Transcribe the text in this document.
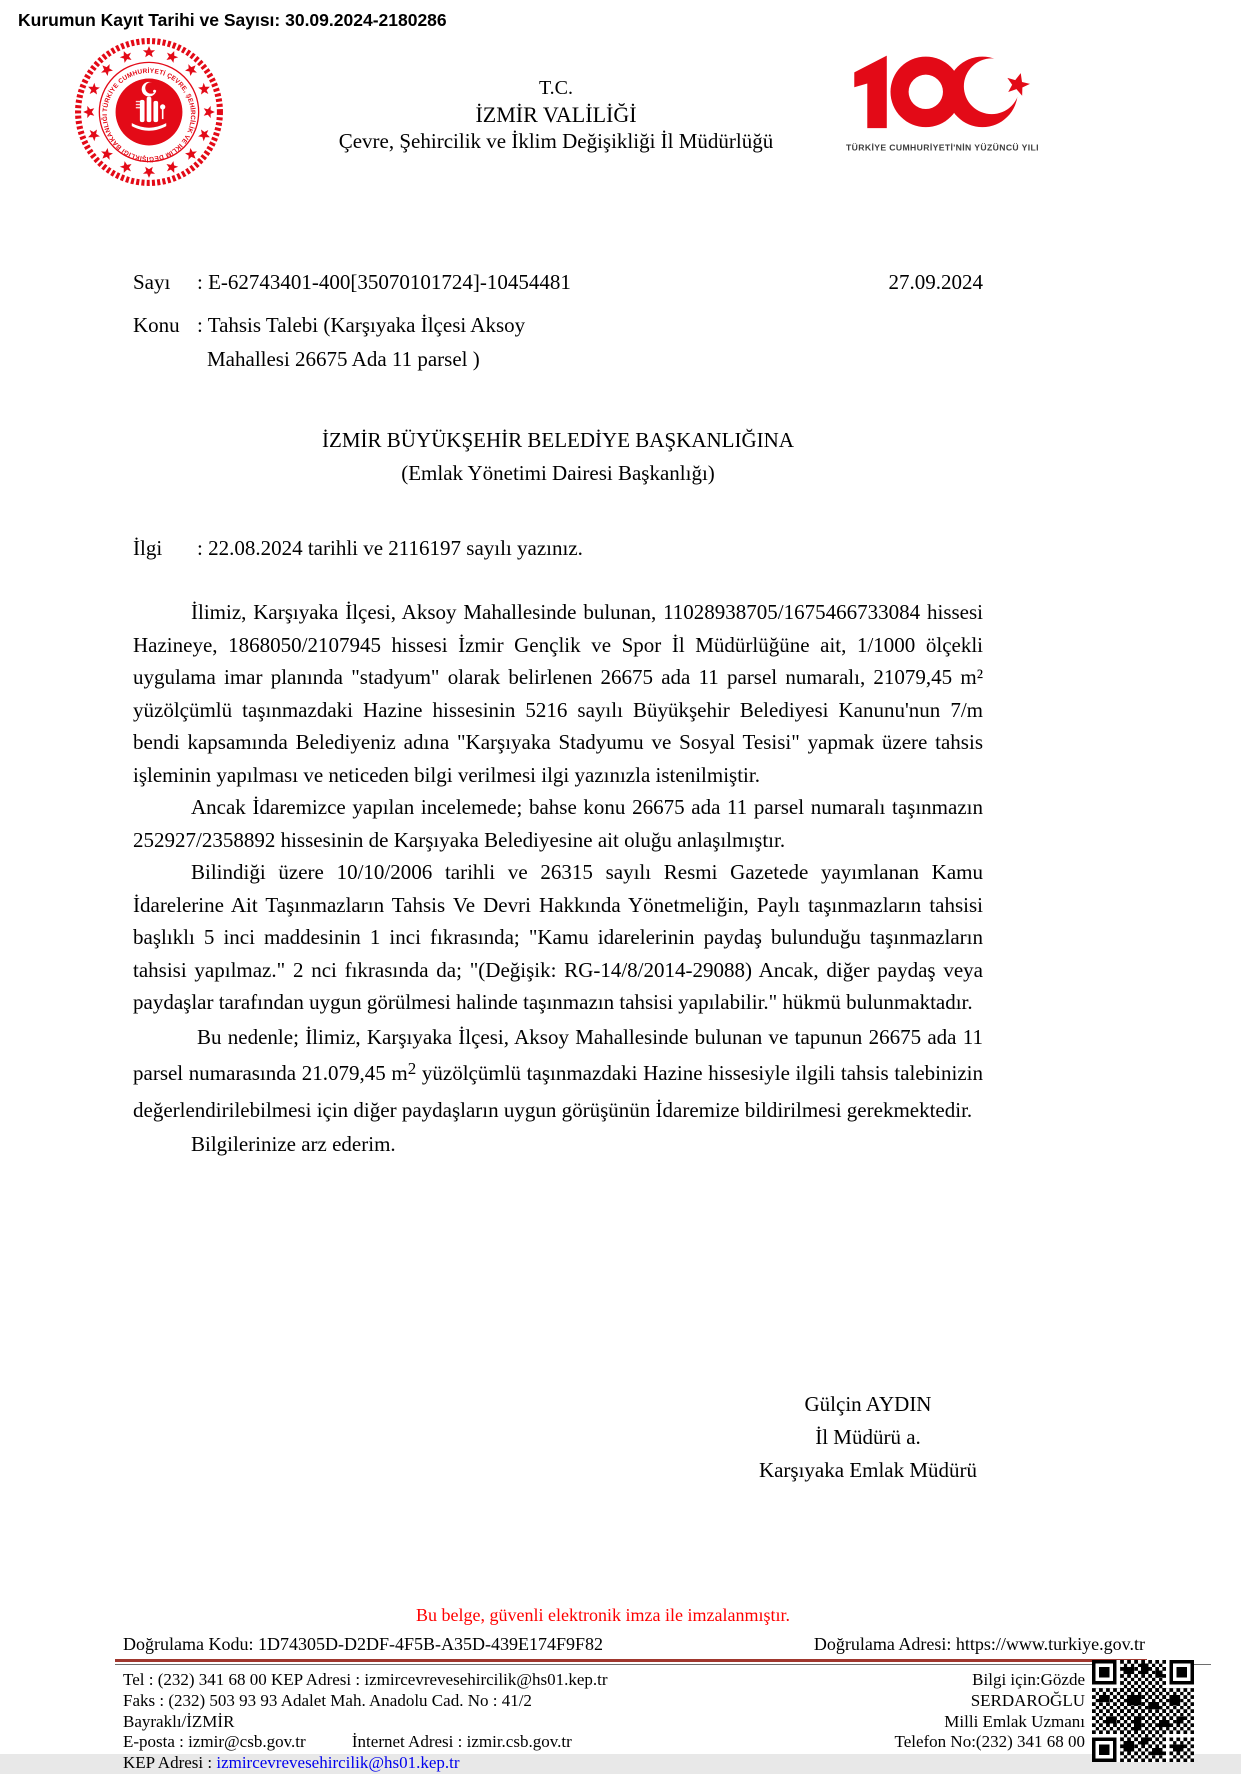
Kurumun Kayıt Tarihi ve Sayısı: 30.09.2024-2180286
TÜRKİYE CUMHURİYETİ ÇEVRE, ŞEHİRCİLİK VE İKLİM DEĞİŞİKLİĞİ BAKANLIĞI
T.C.
İZMİR VALİLİĞİ
Çevre, Şehircilik ve İklim Değişikliği İl Müdürlüğü	TÜRKİYE CUMHURİYETİ'NİN YÜZÜNCÜ YILI
Sayı	: E-62743401-400[35070101724]-10454481	27.09.2024
Konu : Tahsis Talebi (Karşıyaka İlçesi Aksoy
Mahallesi 26675 Ada 11 parsel )
İZMİR BÜYÜKŞEHİR BELEDİYE BAŞKANLIĞINA
(Emlak Yönetimi Dairesi Başkanlığı)
İlgi	: 22.08.2024 tarihli ve 2116197 sayılı yazınız.

İlimiz, Karşıyaka İlçesi, Aksoy Mahallesinde bulunan, 11028938705/1675466733084 hissesi Hazineye, 1868050/2107945 hissesi İzmir Gençlik ve Spor İl Müdürlüğüne ait, 1/1000 ölçekli uygulama imar planında "stadyum" olarak belirlenen 26675 ada 11 parsel numaralı, 21079,45 m² yüzölçümlü taşınmazdaki Hazine hissesinin 5216 sayılı Büyükşehir Belediyesi Kanunu'nun 7/m bendi kapsamında Belediyeniz adına "Karşıyaka Stadyumu ve Sosyal Tesisi" yapmak üzere tahsis işleminin yapılması ve neticeden bilgi verilmesi ilgi yazınızla istenilmiştir.

Ancak İdaremizce yapılan incelemede; bahse konu 26675 ada 11 parsel numaralı taşınmazın 252927/2358892 hissesinin de Karşıyaka Belediyesine ait oluğu anlaşılmıştır.

Bilindiği üzere 10/10/2006 tarihli ve 26315 sayılı Resmi Gazetede yayımlanan Kamu İdarelerine Ait Taşınmazların Tahsis Ve Devri Hakkında Yönetmeliğin, Paylı taşınmazların tahsisi başlıklı 5 inci maddesinin 1 inci fıkrasında; "Kamu idarelerinin paydaş bulunduğu taşınmazların tahsisi yapılmaz." 2 nci fıkrasında da; "(Değişik: RG-14/8/2014-29088) Ancak, diğer paydaş veya paydaşlar tarafından uygun görülmesi halinde taşınmazın tahsisi yapılabilir." hükmü bulunmaktadır.

Bu nedenle; İlimiz, Karşıyaka İlçesi, Aksoy Mahallesinde bulunan ve tapunun 26675 ada 11 parsel numarasında 21.079,45 $m^2$ yüzölçümlü taşınmazdaki Hazine hissesiyle ilgili tahsis talebinizin değerlendirilebilmesi için diğer paydaşların uygun görüşünün İdaremize bildirilmesi gerekmektedir.

Bilgilerinize arz ederim.

Gülçin AYDIN
İl Müdürü a.
Karşıyaka Emlak Müdürü
Bu belge, güvenli elektronik imza ile imzalanmıştır.
Doğrulama Kodu: 1D74305D-D2DF-4F5B-A35D-439E174F9F82	Doğrulama Adresi: https://www.turkiye.gov.tr
Tel : (232) 341 68 00 KEP Adresi : izmircevrevesehircilik@hs01.kep.tr
Faks : (232) 503 93 93 Adalet Mah. Anadolu Cad. No : 41/2
Bayraklı/İZMİR
E-posta : izmir@csb.gov.tr	İnternet Adresi : izmir.csb.gov.tr
KEP Adresi : izmircevrevesehircilik@hs01.kep.tr
Bilgi için:Gözde
SERDAROĞLU
Milli Emlak Uzmanı
Telefon No:(232) 341 68 00
